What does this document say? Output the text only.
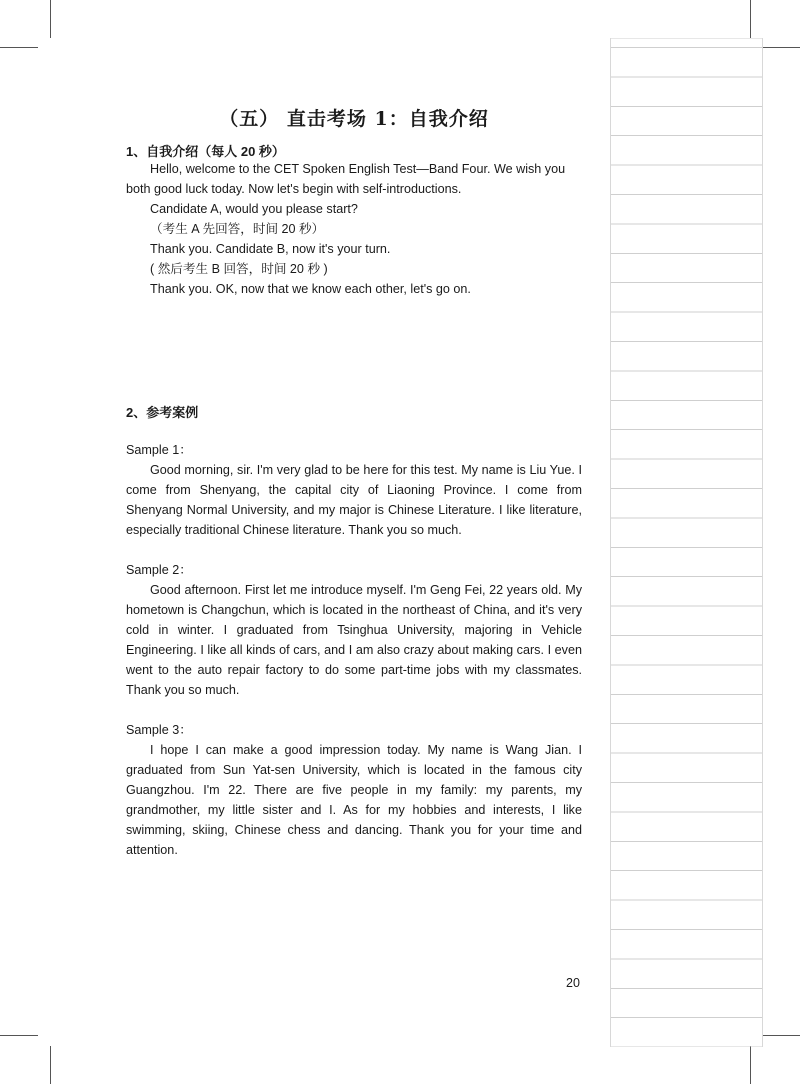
（五） 直击考场 1：自我介绍
1、自我介绍（每人 20 秒）
Hello, welcome to the CET Spoken English Test—Band Four. We wish you
both good luck today. Now let's begin with self-introductions.
Candidate A, would you please start?
（考生 A 先回答，时间 20 秒）
Thank you. Candidate B, now it's your turn.
( 然后考生 B 回答，时间 20 秒 )
Thank you. OK, now that we know each other, let's go on.
2、参考案例
Sample 1：
Good morning, sir. I'm very glad to be here for this test. My name is Liu Yue. I come from Shenyang, the capital city of Liaoning Province. I come from Shenyang Normal University, and my major is Chinese Literature. I like literature, especially traditional Chinese literature. Thank you so much.
Sample 2：
Good afternoon. First let me introduce myself. I'm Geng Fei, 22 years old. My hometown is Changchun, which is located in the northeast of China, and it's very cold in winter. I graduated from Tsinghua University, majoring in Vehicle Engineering. I like all kinds of cars, and I am also crazy about making cars. I even went to the auto repair factory to do some part-time jobs with my classmates. Thank you so much.
Sample 3：
I hope I can make a good impression today. My name is Wang Jian. I graduated from Sun Yat-sen University, which is located in the famous city Guangzhou. I'm 22. There are five people in my family: my parents, my grandmother, my little sister and I. As for my hobbies and interests, I like swimming, skiing, Chinese chess and dancing. Thank you for your time and attention.
20
